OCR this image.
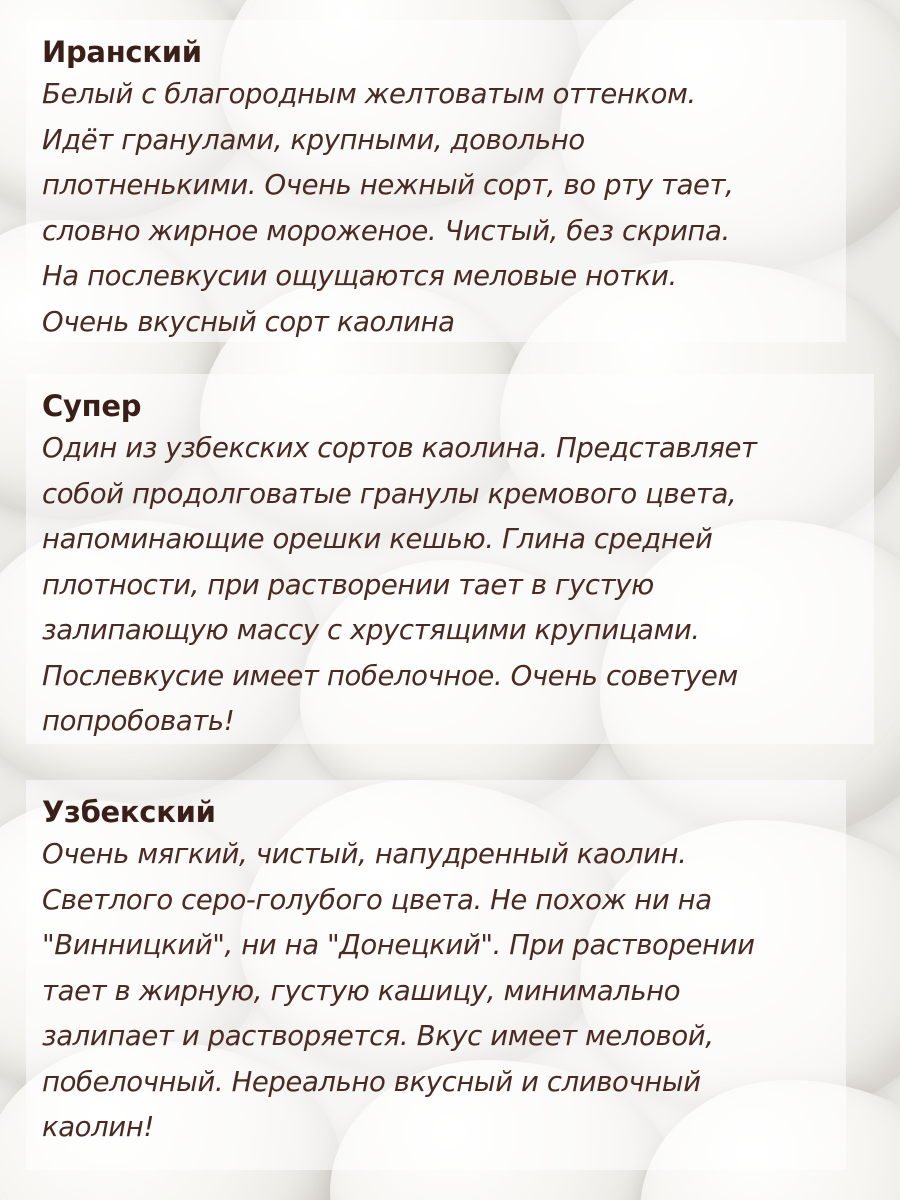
Иранский

Белый с благородным желтоватым оттенком.

Идёт гранулами, крупными, довольно

плотненькими. Очень нежный сорт, во рту тает,

словно жирное мороженое. Чистый, без скрипа.

На послевкусии ощущаются меловые нотки.

Очень вкусный сорт каолина

Супер

Один из узбекских сортов каолина. Представляет

собой продолговатые гранулы кремового цвета,

напоминающие орешки кешью. Глина средней

плотности, при растворении тает в густую

залипающую массу с хрустящими крупицами.

Послевкусие имеет побелочное. Очень советуем

попробовать!

Узбекский

Очень мягкий, чистый, напудренный каолин.

Светлого серо-голубого цвета. Не похож ни на

"Винницкий", ни на "Донецкий". При растворении

тает в жирную, густую кашицу, минимально

залипает и растворяется. Вкус имеет меловой,

побелочный. Нереально вкусный и сливочный

каолин!
